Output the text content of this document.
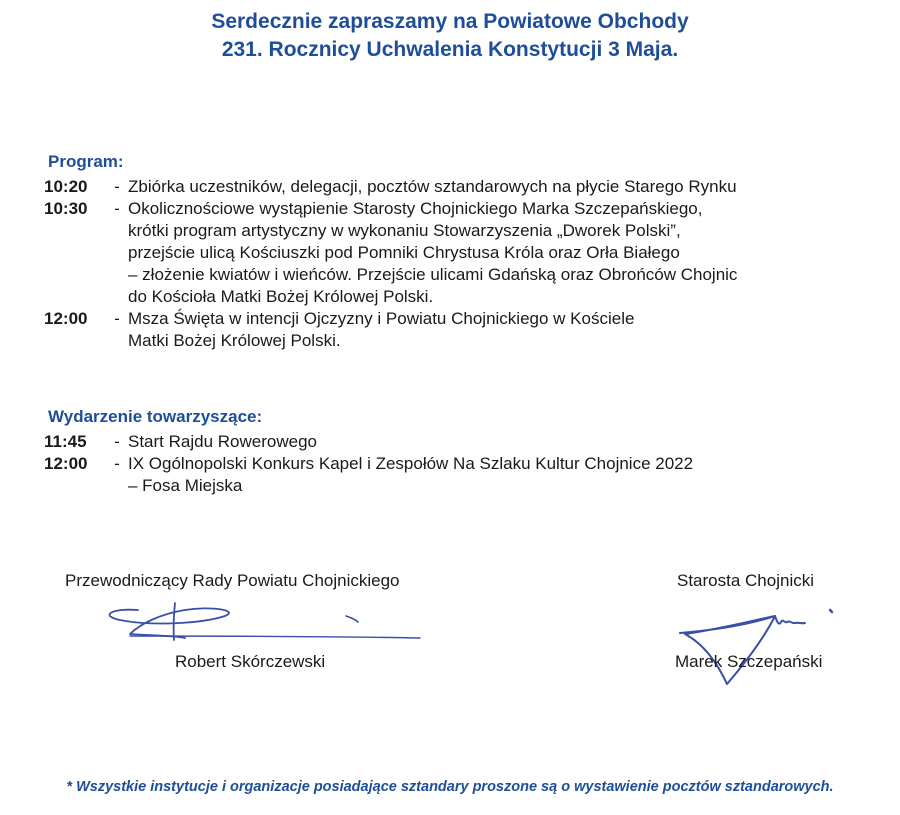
Serdecznie zapraszamy na Powiatowe Obchody
231. Rocznicy Uchwalenia Konstytucji 3 Maja.
Program:
10:20	- Zbiórka uczestników, delegacji, pocztów sztandarowych na płycie Starego Rynku
10:30	- Okolicznościowe wystąpienie Starosty Chojnickiego Marka Szczepańskiego,
krótki program artystyczny w wykonaniu Stowarzyszenia „Dworek Polski”,
przejście ulicą Kościuszki pod Pomniki Chrystusa Króla oraz Orła Białego
– złożenie kwiatów i wieńców. Przejście ulicami Gdańską oraz Obrońców Chojnic
do Kościoła Matki Bożej Królowej Polski.
12:00	- Msza Święta w intencji Ojczyzny i Powiatu Chojnickiego w Kościele
Matki Bożej Królowej Polski.
Wydarzenie towarzyszące:
11:45	- Start Rajdu Rowerowego
12:00	- IX Ogólnopolski Konkurs Kapel i Zespołów Na Szlaku Kultur Chojnice 2022
– Fosa Miejska
Przewodniczący Rady Powiatu Chojnickiego
Robert Skórczewski
Starosta Chojnicki
Marek Szczepański
* Wszystkie instytucje i organizacje posiadające sztandary proszone są o wystawienie pocztów sztandarowych.
